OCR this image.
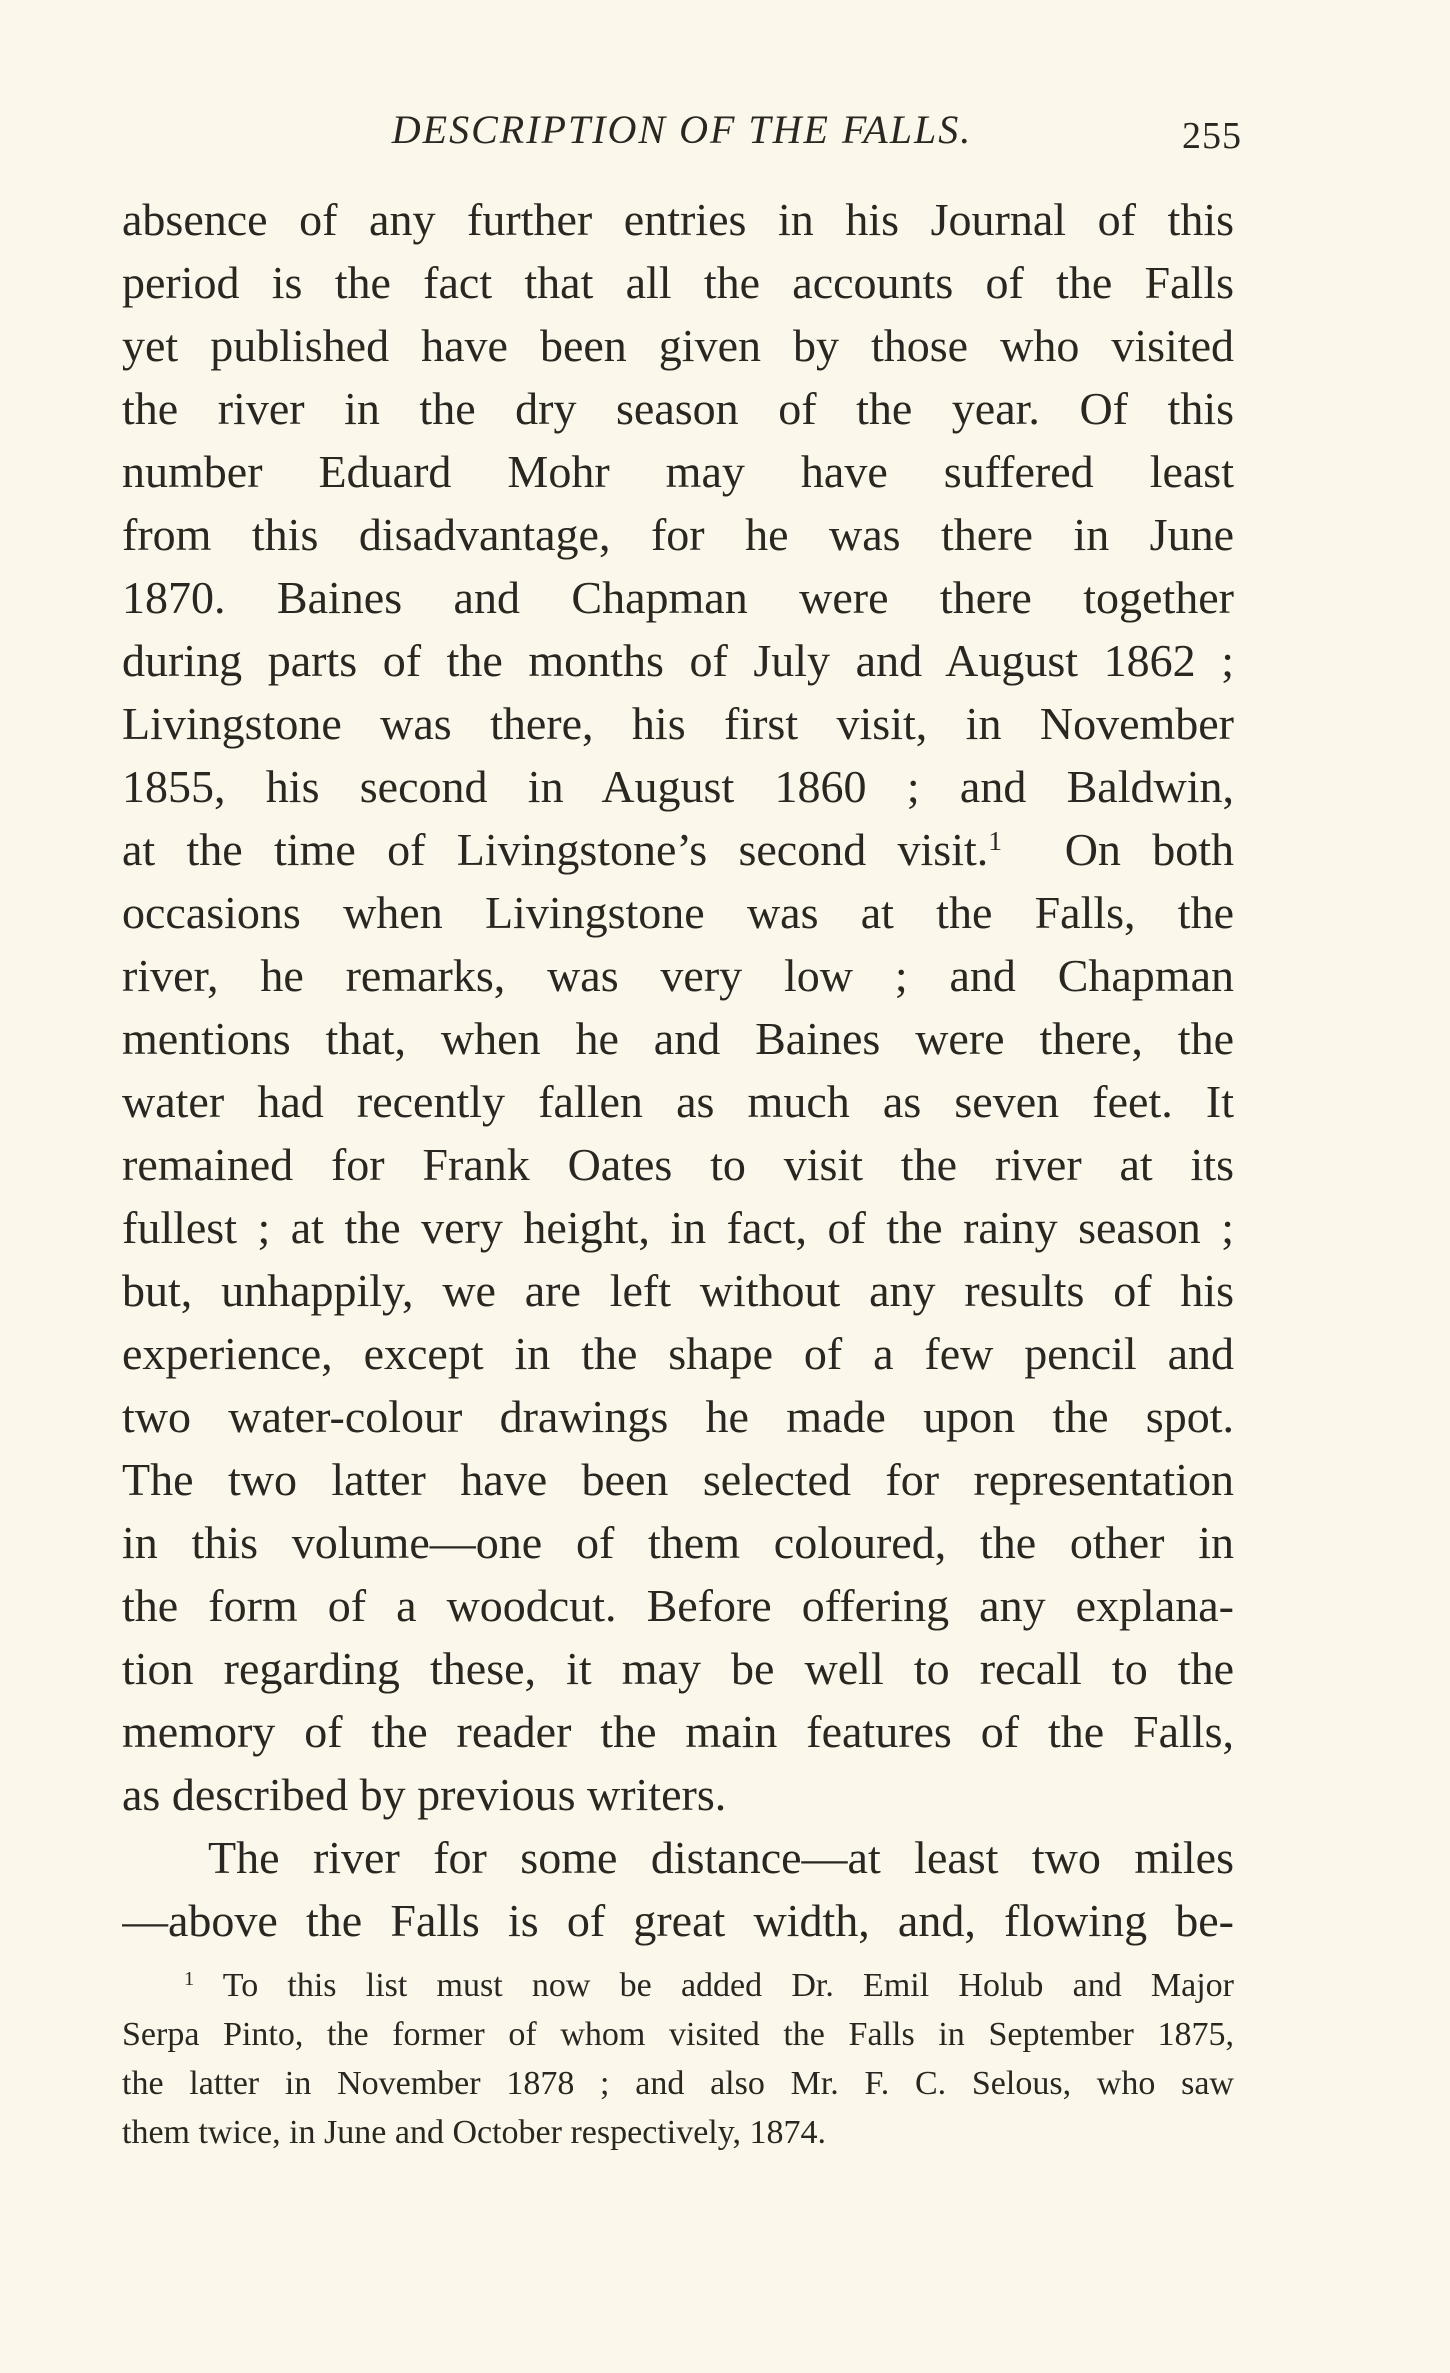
DESCRIPTION OF THE FALLS.	255
absence of any further entries in his Journal of this
period is the fact that all the accounts of the Falls
yet published have been given by those who visited
the river in the dry season of the year. Of this
number Eduard Mohr may have suffered least
from this disadvantage, for he was there in June
1870. Baines and Chapman were there together
during parts of the months of July and August 1862 ;
Livingstone was there, his first visit, in November
1855, his second in August 1860 ; and Baldwin,
at the time of Livingstone’s second visit.$^1$  On both
occasions when Livingstone was at the Falls, the
river, he remarks, was very low ; and Chapman
mentions that, when he and Baines were there, the
water had recently fallen as much as seven feet. It
remained for Frank Oates to visit the river at its
fullest ; at the very height, in fact, of the rainy season ;
but, unhappily, we are left without any results of his
experience, except in the shape of a few pencil and
two water-colour drawings he made upon the spot.
The two latter have been selected for representation
in this volume—one of them coloured, the other in
the form of a woodcut. Before offering any explana-
tion regarding these, it may be well to recall to the
memory of the reader the main features of the Falls,
as described by previous writers.
The river for some distance—at least two miles
—above the Falls is of great width, and, flowing be-
$^1$ To this list must now be added Dr. Emil Holub and Major
Serpa Pinto, the former of whom visited the Falls in September 1875,
the latter in November 1878 ; and also Mr. F. C. Selous, who saw
them twice, in June and October respectively, 1874.
